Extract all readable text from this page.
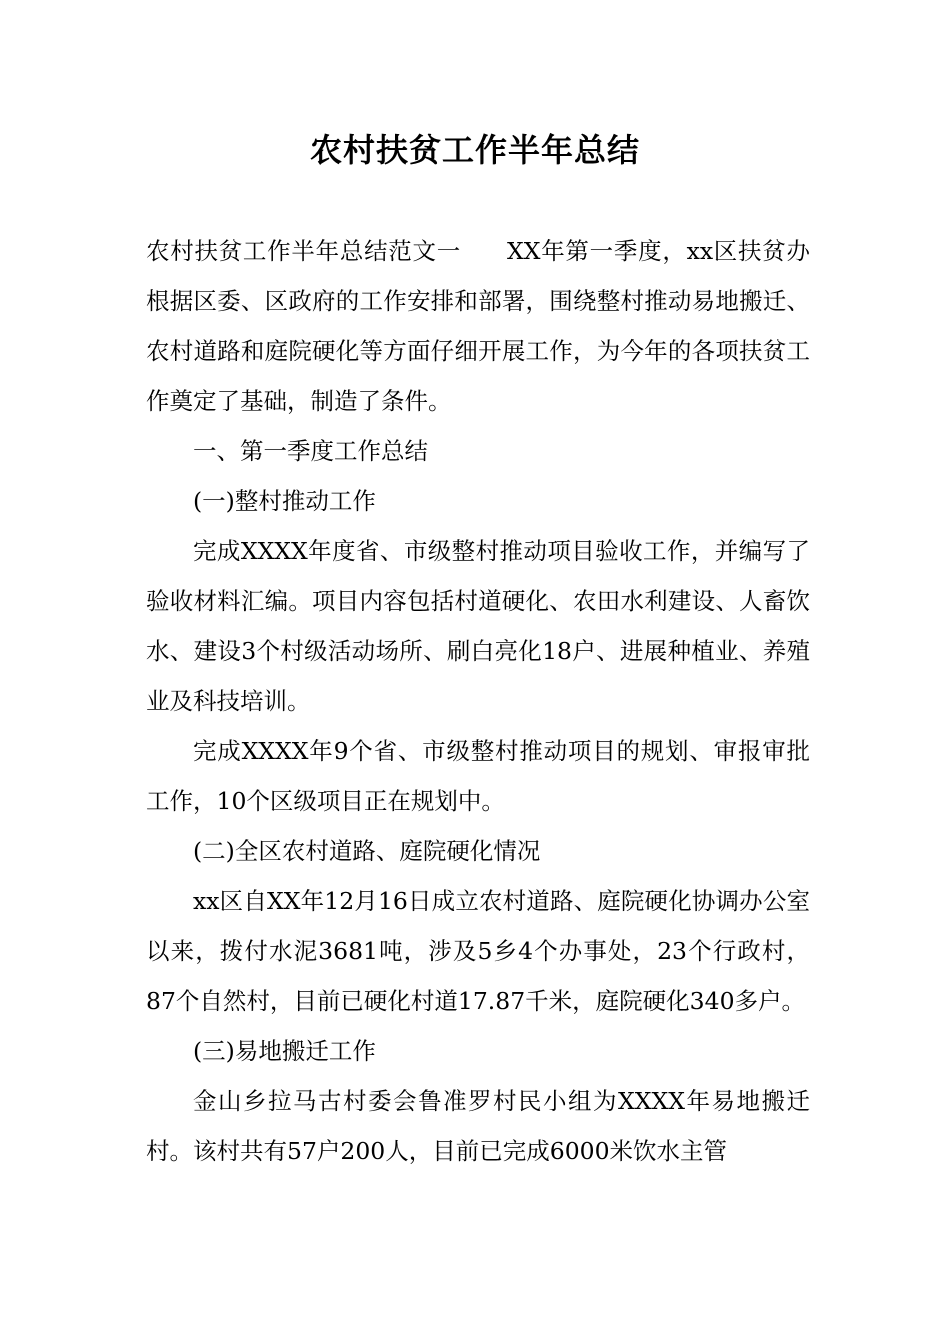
农村扶贫工作半年总结

农村扶贫工作半年总结范文一 XX年第一季度，xx区扶贫办根据区委、区政府的工作安排和部署，围绕整村推动易地搬迁、农村道路和庭院硬化等方面仔细开展工作，为今年的各项扶贫工作奠定了基础，制造了条件。

一、第一季度工作总结

(一)整村推动工作

完成XXXX年度省、市级整村推动项目验收工作，并编写了验收材料汇编。项目内容包括村道硬化、农田水利建设、人畜饮水、建设3个村级活动场所、刷白亮化18户、进展种植业、养殖业及科技培训。

完成XXXX年9个省、市级整村推动项目的规划、审报审批工作，10个区级项目正在规划中。

(二)全区农村道路、庭院硬化情况

xx区自XX年12月16日成立农村道路、庭院硬化协调办公室以来，拨付水泥3681吨，涉及5乡4个办事处，23个行政村，87个自然村，目前已硬化村道17.87千米，庭院硬化340多户。

(三)易地搬迁工作

金山乡拉马古村委会鲁准罗村民小组为XXXX年易地搬迁村。该村共有57户200人，目前已完成6000米饮水主管
